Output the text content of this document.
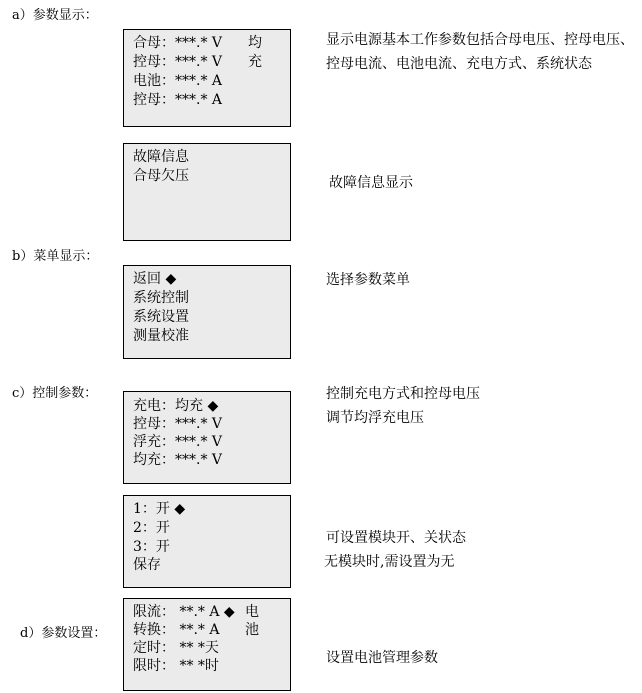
a）参数显示：
b）菜单显示：
c）控制参数：
d）参数设置：
合母：***.* V
控母：***.* V
电池：***.* A
控母：***.* A
均
充
故障信息
合母欠压
返回 ◆
系统控制
系统设置
测量校准
充电：均充 ◆
控母：***.* V
浮充：***.* V
均充：***.* V
1：开 ◆
2：开
3：开
保存
限流： **.* A ◆
转换： **.* A
定时： ** *天
限时： ** *时
电
池
显示电源基本工作参数包括合母电压、控母电压、
控母电流、电池电流、充电方式、系统状态
故障信息显示
选择参数菜单
控制充电方式和控母电压
调节均浮充电压
可设置模块开、关状态
无模块时,需设置为无
设置电池管理参数
